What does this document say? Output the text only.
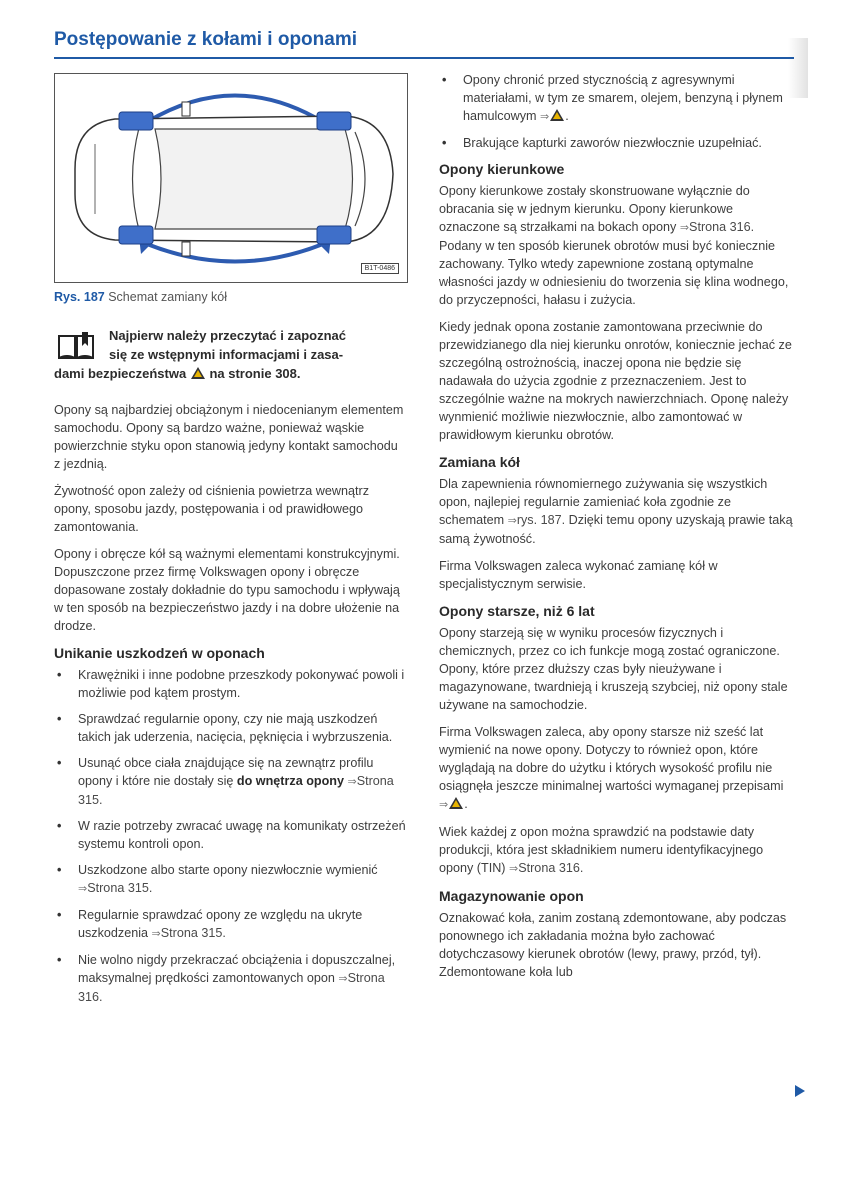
Postępowanie z kołami i oponami
B1T-0486
Rys. 187 Schemat zamiany kół
Najpierw należy przeczytać i zapoznać
się ze wstępnymi informacjami i zasa-
dami bezpieczeństwa na stronie 308.

Opony są najbardziej obciążonym i niedocenianym elementem samochodu. Opony są bardzo ważne, ponieważ wąskie powierzchnie styku opon stanowią jedyny kontakt samochodu z jezdnią.

Żywotność opon zależy od ciśnienia powietrza wewnątrz opony, sposobu jazdy, postępowania i od prawidłowego zamontowania.

Opony i obręcze kół są ważnymi elementami konstrukcyjnymi. Dopuszczone przez firmę Volkswagen opony i obręcze dopasowane zostały dokładnie do typu samochodu i wpływają w ten sposób na bezpieczeństwo jazdy i na dobre ułożenie na drodze.

Unikanie uszkodzeń w oponach
•	Krawężniki i inne podobne przeszkody pokonywać powoli i możliwie pod kątem prostym.
•	Sprawdzać regularnie opony, czy nie mają uszkodzeń takich jak uderzenia, nacięcia, pęknięcia i wybrzuszenia.
•	Usunąć obce ciała znajdujące się na zewnątrz profilu opony i które nie dostały się do wnętrza opony ⇒Strona 315.
•	W razie potrzeby zwracać uwagę na komunikaty ostrzeżeń systemu kontroli opon.
•	Uszkodzone albo starte opony niezwłocznie wymienić ⇒Strona 315.
•	Regularnie sprawdzać opony ze względu na ukryte uszkodzenia ⇒Strona 315.
•	Nie wolno nigdy przekraczać obciążenia i dopuszczalnej, maksymalnej prędkości zamontowanych opon ⇒Strona 316.
•	Opony chronić przed stycznością z agresywnymi materiałami, w tym ze smarem, olejem, benzyną i płynem hamulcowym ⇒ .
•	Brakujące kapturki zaworów niezwłocznie uzupełniać.
Opony kierunkowe

Opony kierunkowe zostały skonstruowane wyłącznie do obracania się w jednym kierunku. Opony kierunkowe oznaczone są strzałkami na bokach opony ⇒Strona 316. Podany w ten sposób kierunek obrotów musi być koniecznie zachowany. Tylko wtedy zapewnione zostaną optymalne własności jazdy w odniesieniu do tworzenia się klina wodnego, do przyczepności, hałasu i zużycia.

Kiedy jednak opona zostanie zamontowana przeciwnie do przewidzianego dla niej kierunku onrotów, koniecznie jechać ze szczególną ostrożnością, inaczej opona nie będzie się nadawała do użycia zgodnie z przeznaczeniem. Jest to szczególnie ważne na mokrych nawierzchniach. Oponę należy wynmienić możliwie niezwłocznie, albo zamontować w prawidłowym kierunku obrotów.

Zamiana kół

Dla zapewnienia równomiernego zużywania się wszystkich opon, najlepiej regularnie zamieniać koła zgodnie ze schematem ⇒rys. 187. Dzięki temu opony uzyskają prawie taką samą żywotność.

Firma Volkswagen zaleca wykonać zamianę kół w specjalistycznym serwisie.

Opony starsze, niż 6 lat

Opony starzeją się w wyniku procesów fizycznych i chemicznych, przez co ich funkcje mogą zostać ograniczone. Opony, które przez dłuższy czas były nieużywane i magazynowane, twardnieją i kruszeją szybciej, niż opony stale używane na samochodzie.

Firma Volkswagen zaleca, aby opony starsze niż sześć lat wymienić na nowe opony. Dotyczy to również opon, które wyglądają na dobre do użytku i których wysokość profilu nie osiągnęła jeszcze minimalnej wartości wymaganej przepisami ⇒ .

Wiek każdej z opon można sprawdzić na podstawie daty produkcji, która jest składnikiem numeru identyfikacyjnego opony (TIN) ⇒Strona 316.

Magazynowanie opon

Oznakować koła, zanim zostaną zdemontowane, aby podczas ponownego ich zakładania można było zachować dotychczasowy kierunek obrotów (lewy, prawy, przód, tył). Zdemontowane koła lub
